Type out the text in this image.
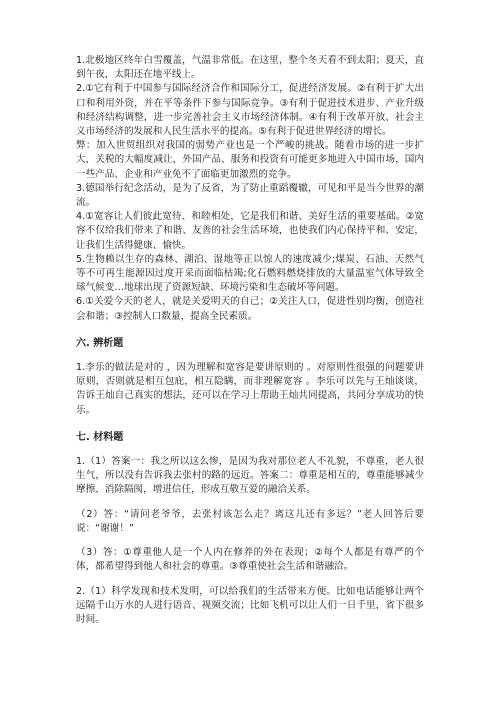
1.北极地区终年白雪覆盖，气温非常低。在这里，整个冬天看不到太阳；夏天，直到午夜，太阳还在地平线上。

2.①它有利于中国参与国际经济合作和国际分工，促进经济发展。②有利于扩大出口和利用外资，并在平等条件下参与国际竞争。③有利于促进技术进步、产业升级和经济结构调整，进一步完善社会主义市场经济体制。④有利于改革开放、社会主义市场经济的发展和人民生活水平的提高。⑤有利于促进世界经济的增长。

弊：加入世贸组织对我国的弱势产业也是一个严峻的挑战。随着市场的进一步扩大，关税的大幅度减让，外国产品、服务和投资有可能更多地进入中国市场，国内一些产品、企业和产业免不了面临更加激烈的竞争。

3.德国举行纪念活动，是为了反省，为了防止重蹈覆辙，可见和平是当今世界的潮流。

4.①宽容让人们彼此宽待、和睦相处，它是我们和谐、美好生活的重要基础。②宽容不仅给我们带来了和谐、友善的社会生活环境，也使我们内心保持平和、安定，让我们生活得健康、愉快。

5.生物赖以生存的森林、湖泊、湿地等正以惊人的速度减少;煤炭、石油、天然气等不可再生能源因过度开采而面临枯竭;化石燃料燃烧排放的大量温室气体导致全球气候变…地球出现了资源短缺、环境污染和生态破坏等问题。

6.①关爱今天的老人，就是关爱明天的自己；②关注人口，促进性别均衡，创造社会和谐；③控制人口数量，提高全民素质。

六. 辨析题

1.李乐的做法是对的 ，因为理解和宽容是要讲原则的 。对原则性很强的问题要讲原则，否则就是相互包庇，相互隐瞒，而非理解宽容 。李乐可以先与王灿谈谈，告诉王灿自己真实的想法，还可以在学习上帮助王灿共同提高，共同分享成功的快乐。

七. 材料题

1.（1）答案一：我之所以这么惨，是因为我对那位老人不礼貌，不尊重，老人很生气，所以没有告诉我去张村的路的远近。答案二：尊重是相互的，尊重能够减少摩擦、消除隔阂，增进信任，形成互敬互爱的融洽关系。

（2）答：“请问老爷爷，去张村该怎么走？离这儿还有多远？”老人回答后要说：“谢谢！”

（3）答：①尊重他人是一个人内在修养的外在表现；②每个人都是有尊严的个体，都希望得到他人和社会的尊重。③尊重使社会生活和谐融洽。

2.（1）科学发现和技术发明，可以给我们的生活带来方便。比如电话能够让两个远隔千山万水的人进行语音、视频交流；比如飞机可以让人们一日千里，省下很多时间。
